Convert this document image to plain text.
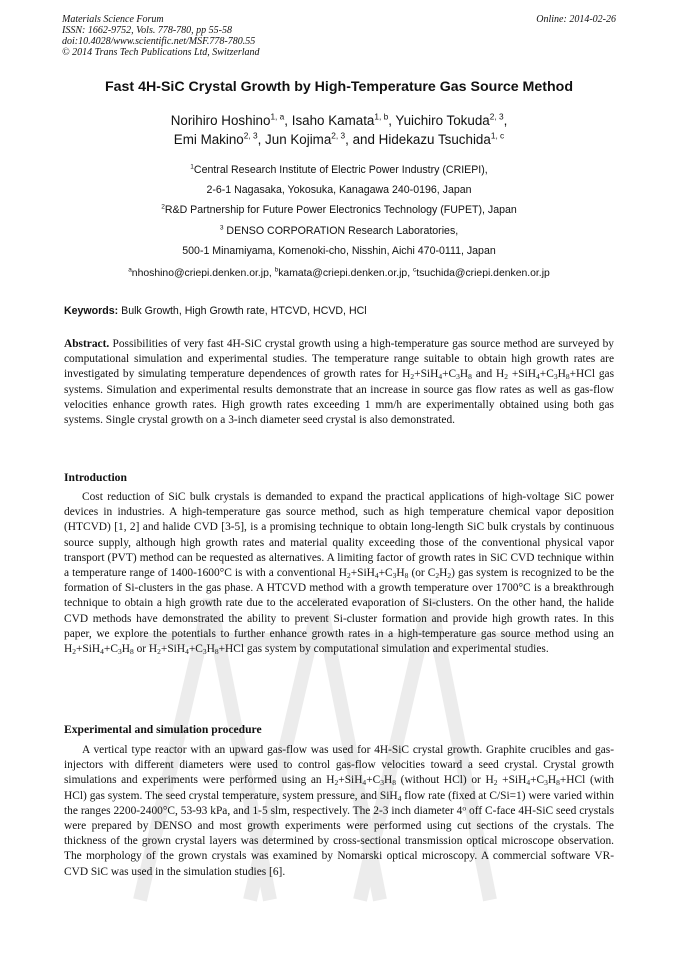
Materials Science Forum
ISSN: 1662-9752, Vols. 778-780, pp 55-58
doi:10.4028/www.scientific.net/MSF.778-780.55
© 2014 Trans Tech Publications Ltd, Switzerland
Online: 2014-02-26
Fast 4H-SiC Crystal Growth by High-Temperature Gas Source Method
Norihiro Hoshino$^{1, a}$, Isaho Kamata$^{1, b}$, Yuichiro Tokuda$^{2, 3}$,
Emi Makino$^{2, 3}$, Jun Kojima$^{2, 3}$, and Hidekazu Tsuchida$^{1, c}$
$^1$Central Research Institute of Electric Power Industry (CRIEPI),
2-6-1 Nagasaka, Yokosuka, Kanagawa 240-0196, Japan
$^2$R&D Partnership for Future Power Electronics Technology (FUPET), Japan
$^3$ DENSO CORPORATION Research Laboratories,
500-1 Minamiyama, Komenoki-cho, Nisshin, Aichi 470-0111, Japan
$^a$nhoshino@criepi.denken.or.jp, $^b$kamata@criepi.denken.or.jp, $^c$tsuchida@criepi.denken.or.jp
Keywords: Bulk Growth, High Growth rate, HTCVD, HCVD, HCl
Abstract. Possibilities of very fast 4H-SiC crystal growth using a high-temperature gas source method are surveyed by computational simulation and experimental studies. The temperature range suitable to obtain high growth rates are investigated by simulating temperature dependences of growth rates for $H_2+SiH_4+C_3H_8$ and $H_2 +SiH_4+C_3H_8+HCl$ gas systems. Simulation and experimental results demonstrate that an increase in source gas flow rates as well as gas-flow velocities enhance growth rates. High growth rates exceeding 1 mm/h are experimentally obtained using both gas systems. Single crystal growth on a 3-inch diameter seed crystal is also demonstrated.
Introduction
Cost reduction of SiC bulk crystals is demanded to expand the practical applications of high-voltage SiC power devices in industries. A high-temperature gas source method, such as high temperature chemical vapor deposition (HTCVD) [1, 2] and halide CVD [3-5], is a promising technique to obtain long-length SiC bulk crystals by continuous source supply, although high growth rates and material quality exceeding those of the conventional physical vapor transport (PVT) method can be requested as alternatives. A limiting factor of growth rates in SiC CVD technique within a temperature range of 1400-1600°C is with a conventional $H_2+SiH_4+C_3H_8$ (or $C_2H_2$) gas system is recognized to be the formation of Si-clusters in the gas phase. A HTCVD method with a growth temperature over 1700°C is a breakthrough technique to obtain a high growth rate due to the accelerated evaporation of Si-clusters. On the other hand, the halide CVD methods have demonstrated the ability to prevent Si-cluster formation and provide high growth rates. In this paper, we explore the potentials to further enhance growth rates in a high-temperature gas source method using an $H_2+SiH_4+C_3H_8$ or $H_2+SiH_4+C_3H_8+HCl$ gas system by computational simulation and experimental studies.
Experimental and simulation procedure
A vertical type reactor with an upward gas-flow was used for 4H-SiC crystal growth. Graphite crucibles and gas-injectors with different diameters were used to control gas-flow velocities toward a seed crystal. Crystal growth simulations and experiments were performed using an $H_2+SiH_4+C_3H_8$ (without HCl) or $H_2 +SiH_4+C_3H_8+HCl$ (with HCl) gas system. The seed crystal temperature, system pressure, and SiH$_4$ flow rate (fixed at C/Si=1) were varied within the ranges 2200-2400°C, 53-93 kPa, and 1-5 slm, respectively. The 2-3 inch diameter 4$^o$ off C-face 4H-SiC seed crystals were prepared by DENSO and most growth experiments were performed using cut sections of the crystals. The thickness of the grown crystal layers was determined by cross-sectional transmission optical microscope observation. The morphology of the grown crystals was examined by Nomarski optical microscopy. A commercial software VR-CVD SiC was used in the simulation studies [6].
